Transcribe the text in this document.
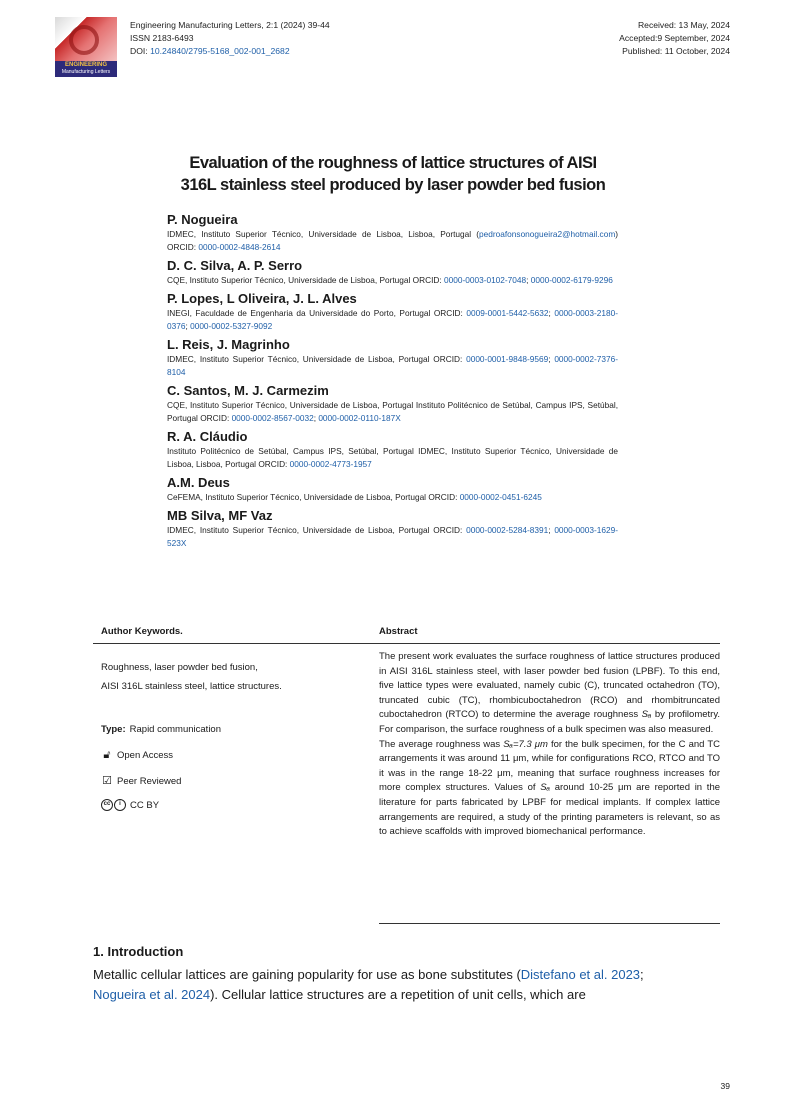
ENGINEERING
Manufacturing Letters
Engineering Manufacturing Letters, 2:1 (2024) 39-44
ISSN 2183-6493
DOI: 10.24840/2795-5168_002-001_2682
Received: 13 May, 2024
Accepted:9 September, 2024
Published: 11 October, 2024
Evaluation of the roughness of lattice structures of AISI
316L stainless steel produced by laser powder bed fusion
P. Nogueira
IDMEC, Instituto Superior Técnico, Universidade de Lisboa, Lisboa, Portugal (pedroafonsonogueira2@hotmail.com) ORCID: 0000-0002-4848-2614
D. C. Silva, A. P. Serro
CQE, Instituto Superior Técnico, Universidade de Lisboa, Portugal ORCID: 0000-0003-0102-7048; 0000-0002-6179-9296
P. Lopes, L Oliveira, J. L. Alves
INEGI, Faculdade de Engenharia da Universidade do Porto, Portugal ORCID: 0009-0001-5442-5632; 0000-0003-2180-0376; 0000-0002-5327-9092
L. Reis, J. Magrinho
IDMEC, Instituto Superior Técnico, Universidade de Lisboa, Portugal ORCID: 0000-0001-9848-9569; 0000-0002-7376-8104
C. Santos, M. J. Carmezim
CQE, Instituto Superior Técnico, Universidade de Lisboa, Portugal Instituto Politécnico de Setúbal, Campus IPS, Setúbal, Portugal ORCID: 0000-0002-8567-0032; 0000-0002-0110-187X
R. A. Cláudio
Instituto Politécnico de Setúbal, Campus IPS, Setúbal, Portugal IDMEC, Instituto Superior Técnico, Universidade de Lisboa, Lisboa, Portugal ORCID: 0000-0002-4773-1957
A.M. Deus
CeFEMA, Instituto Superior Técnico, Universidade de Lisboa, Portugal ORCID: 0000-0002-0451-6245
MB Silva, MF Vaz
IDMEC, Instituto Superior Técnico, Universidade de Lisboa, Portugal ORCID: 0000-0002-5284-8391; 0000-0003-1629-523X
Author Keywords.	Abstract

Roughness, laser powder bed fusion,

AISI 316L stainless steel, lattice structures.

Type: Rapid communication
🔓︎ Open Access
☑ Peer Reviewed
cc	i CC BY

The present work evaluates the surface roughness of lattice structures produced in AISI 316L stainless steel, with laser powder bed fusion (LPBF). To this end, five lattice types were evaluated, namely cubic (C), truncated octahedron (TO), truncated cubic (TC), rhombicuboctahedron (RCO) and rhombitruncated cuboctahedron (RTCO) to determine the average roughness Sₐ by profilometry. For comparison, the surface roughness of a bulk specimen was also measured.

The average roughness was Sₐ=7.3 μm for the bulk specimen, for the C and TC arrangements it was around 11 μm, while for configurations RCO, RTCO and TO it was in the range 18-22 μm, meaning that surface roughness increases for more complex structures. Values of Sₐ around 10-25 μm are reported in the literature for parts fabricated by LPBF for medical implants. If complex lattice arrangements are required, a study of the printing parameters is relevant, so as to achieve scaffolds with improved biomechanical performance.

1. Introduction
Metallic cellular lattices are gaining popularity for use as bone substitutes (Distefano et al. 2023; Nogueira et al. 2024). Cellular lattice structures are a repetition of unit cells, which are
39
